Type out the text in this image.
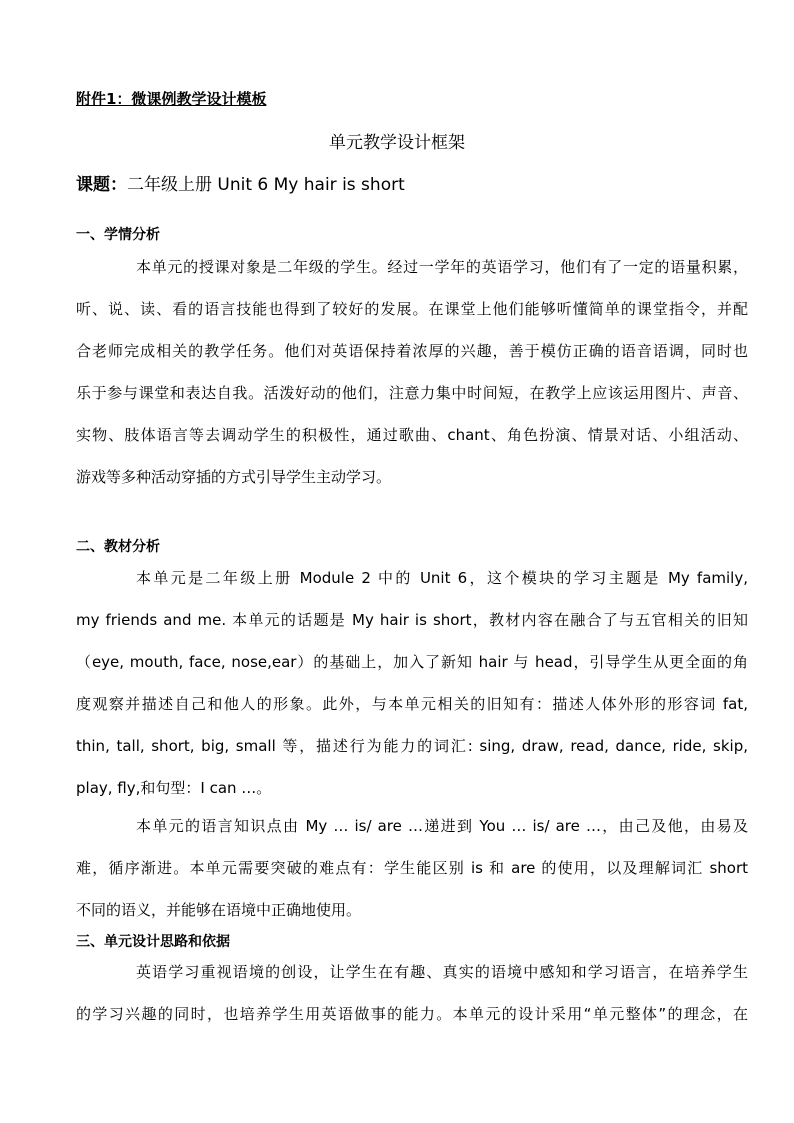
附件1：微课例教学设计模板
单元教学设计框架
课题：二年级上册 Unit 6 My hair is short
一、学情分析
本单元的授课对象是二年级的学生。经过一学年的英语学习，他们有了一定的语量积累，
听、说、读、看的语言技能也得到了较好的发展。在课堂上他们能够听懂简单的课堂指令，并配
合老师完成相关的教学任务。他们对英语保持着浓厚的兴趣，善于模仿正确的语音语调，同时也
乐于参与课堂和表达自我。活泼好动的他们，注意力集中时间短，在教学上应该运用图片、声音、
实物、肢体语言等去调动学生的积极性，通过歌曲、chant、角色扮演、情景对话、小组活动、
游戏等多种活动穿插的方式引导学生主动学习。
二、教材分析
本单元是二年级上册 Module 2 中的 Unit 6，这个模块的学习主题是 My family,
my friends and me. 本单元的话题是 My hair is short，教材内容在融合了与五官相关的旧知
（eye, mouth, face, nose,ear）的基础上，加入了新知 hair 与 head，引导学生从更全面的角
度观察并描述自己和他人的形象。此外，与本单元相关的旧知有：描述人体外形的形容词 fat,
thin, tall, short, big, small 等，描述行为能力的词汇: sing, draw, read, dance, ride, skip,
play, fly,和句型：I can …。
本单元的语言知识点由 My … is/ are …递进到 You … is/ are …，由己及他，由易及
难，循序渐进。本单元需要突破的难点有：学生能区别 is 和 are 的使用，以及理解词汇 short
不同的语义，并能够在语境中正确地使用。
三、单元设计思路和依据
英语学习重视语境的创设，让学生在有趣、真实的语境中感知和学习语言，在培养学生
的学习兴趣的同时，也培养学生用英语做事的能力。本单元的设计采用“单元整体”的理念，在
